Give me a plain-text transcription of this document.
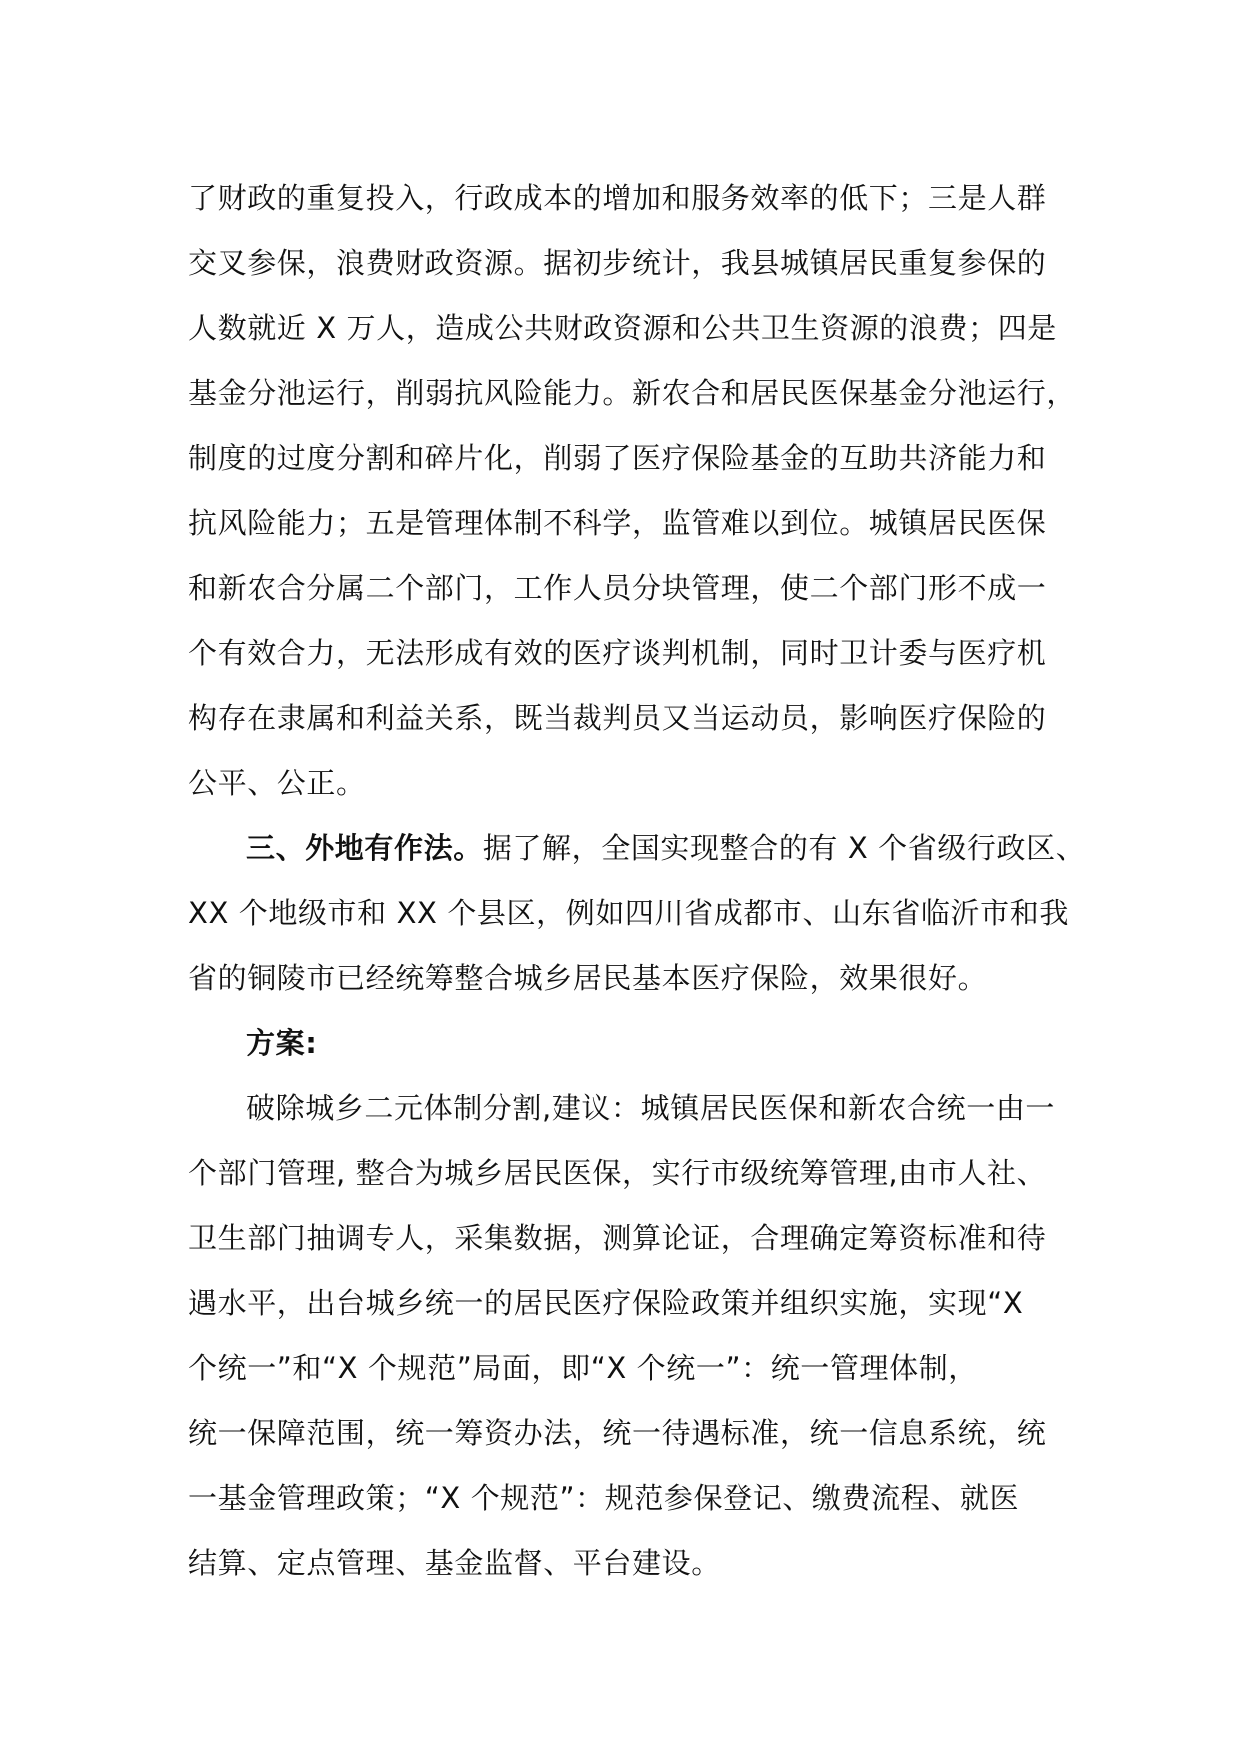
了财政的重复投入，行政成本的增加和服务效率的低下；三是人群
交叉参保，浪费财政资源。据初步统计，我县城镇居民重复参保的
人数就近 X 万人，造成公共财政资源和公共卫生资源的浪费；四是
基金分池运行，削弱抗风险能力。新农合和居民医保基金分池运行，
制度的过度分割和碎片化，削弱了医疗保险基金的互助共济能力和
抗风险能力；五是管理体制不科学，监管难以到位。城镇居民医保
和新农合分属二个部门，工作人员分块管理，使二个部门形不成一
个有效合力，无法形成有效的医疗谈判机制，同时卫计委与医疗机
构存在隶属和利益关系，既当裁判员又当运动员，影响医疗保险的
公平、公正。

三、外地有作法。据了解，全国实现整合的有 X 个省级行政区、
XX 个地级市和 XX 个县区，例如四川省成都市、山东省临沂市和我
省的铜陵市已经统筹整合城乡居民基本医疗保险，效果很好。

方案:

破除城乡二元体制分割,建议：城镇居民医保和新农合统一由一
个部门管理, 整合为城乡居民医保，实行市级统筹管理,由市人社、
卫生部门抽调专人，采集数据，测算论证，合理确定筹资标准和待
遇水平，出台城乡统一的居民医疗保险政策并组织实施，实现“X
个统一”和“X 个规范”局面，即“X 个统一”：统一管理体制，
统一保障范围，统一筹资办法，统一待遇标准，统一信息系统，统
一基金管理政策；“X 个规范”：规范参保登记、缴费流程、就医
结算、定点管理、基金监督、平台建设。
